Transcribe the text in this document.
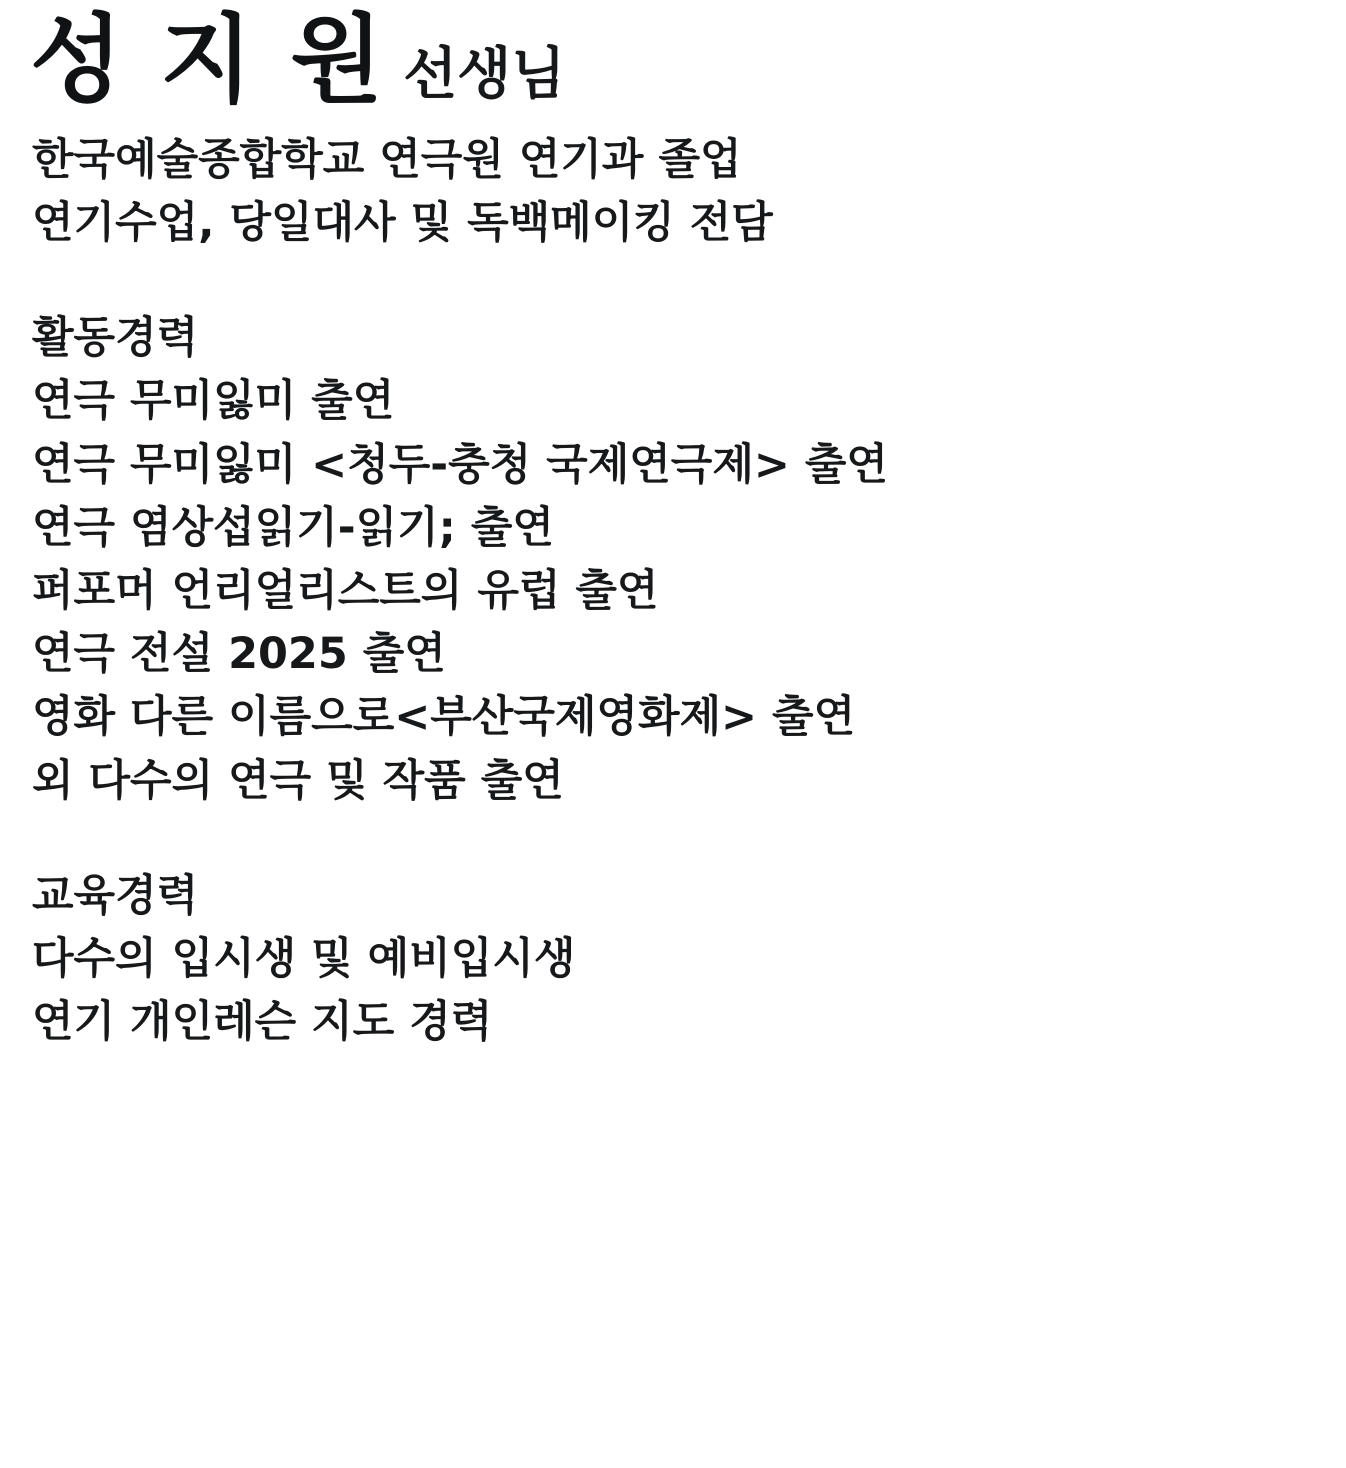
성 지 원 선생님
한국예술종합학교 연극원 연기과 졸업
연기수업, 당일대사 및 독백메이킹 전담
활동경력
연극 무미잃미 출연
연극 무미잃미 <청두-충청 국제연극제> 출연
연극 염상섭읽기-읽기; 출연
퍼포머 언리얼리스트의 유럽 출연
연극 전설 2025 출연
영화 다른 이름으로<부산국제영화제> 출연
외 다수의 연극 및 작품 출연
교육경력
다수의 입시생 및 예비입시생
연기 개인레슨 지도 경력
